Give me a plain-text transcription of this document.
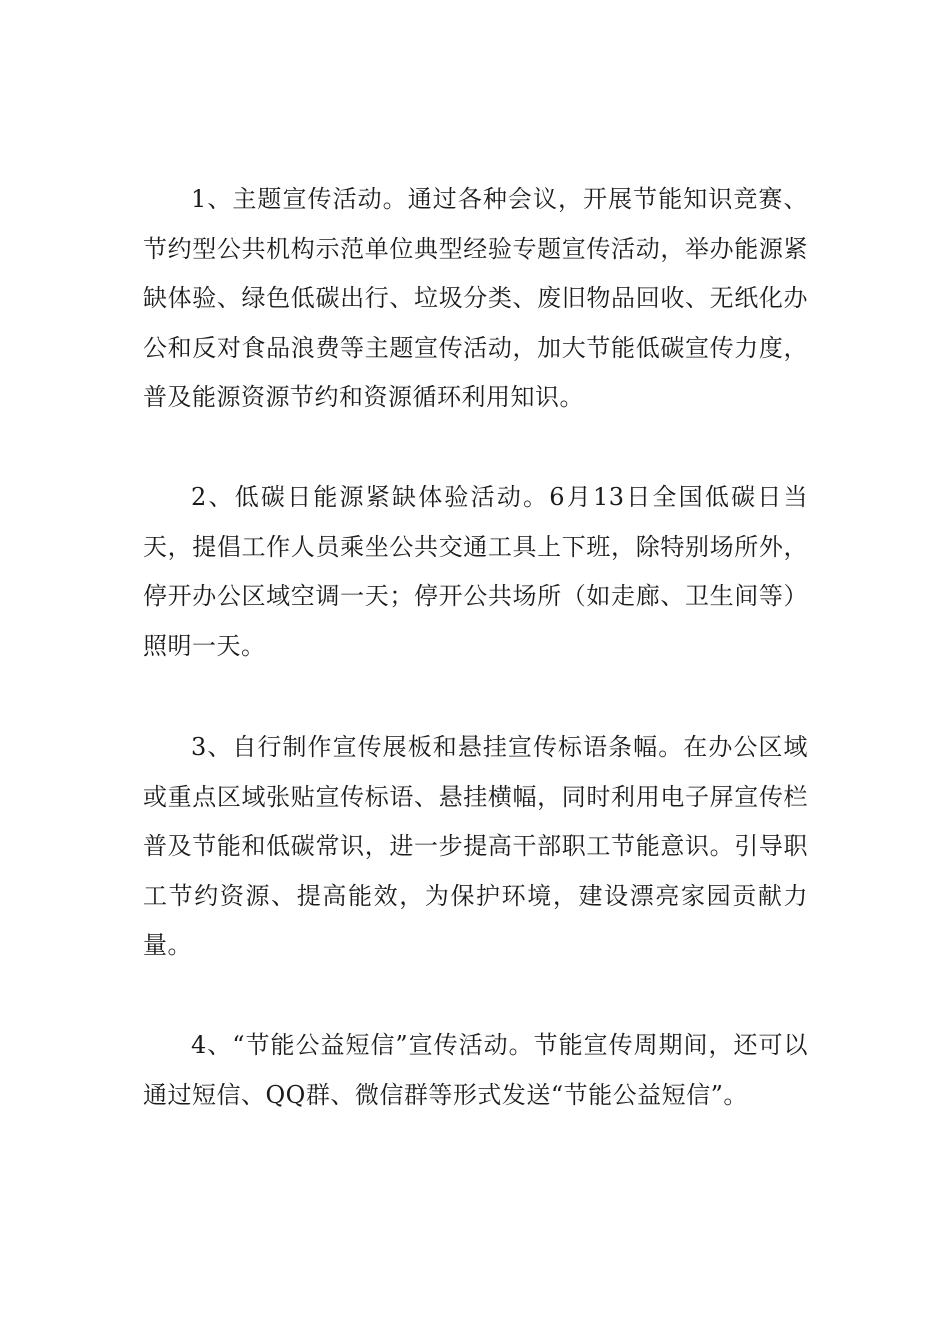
1、主题宣传活动。通过各种会议，开展节能知识竞赛、节约型公共机构示范单位典型经验专题宣传活动，举办能源紧缺体验、绿色低碳出行、垃圾分类、废旧物品回收、无纸化办公和反对食品浪费等主题宣传活动，加大节能低碳宣传力度，普及能源资源节约和资源循环利用知识。

2、低碳日能源紧缺体验活动。6月13日全国低碳日当天，提倡工作人员乘坐公共交通工具上下班，除特别场所外，停开办公区域空调一天；停开公共场所（如走廊、卫生间等）照明一天。

3、自行制作宣传展板和悬挂宣传标语条幅。在办公区域或重点区域张贴宣传标语、悬挂横幅，同时利用电子屏宣传栏普及节能和低碳常识，进一步提高干部职工节能意识。引导职工节约资源、提高能效，为保护环境，建设漂亮家园贡献力量。

4、“节能公益短信”宣传活动。节能宣传周期间，还可以通过短信、QQ群、微信群等形式发送“节能公益短信”。
